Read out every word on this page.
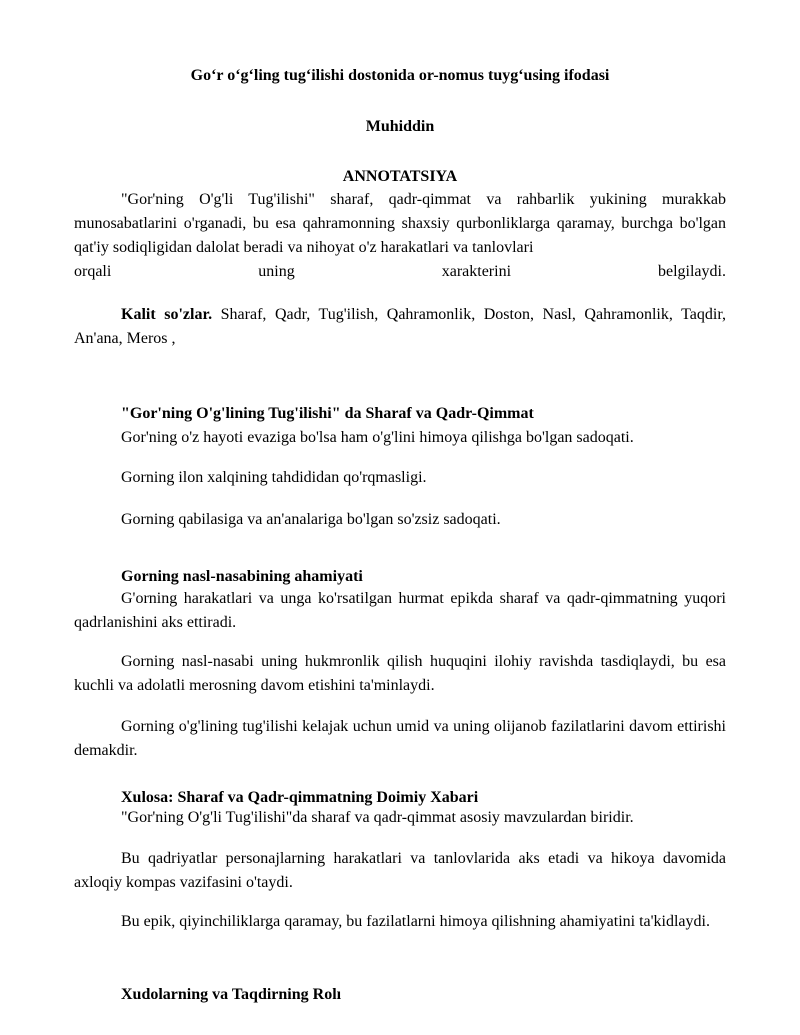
Go‘r o‘g‘ling tug‘ilishi dostonida or-nomus tuyg‘using ifodasi
Muhiddin
ANNOTATSIYA
"Gor'ning O'g'li Tug'ilishi" sharaf, qadr-qimmat va rahbarlik yukining murakkab munosabatlarini o'rganadi, bu esa qahramonning shaxsiy qurbonliklarga qaramay, burchga bo'lgan qat'iy sodiqligidan dalolat beradi va nihoyat o'z harakatlari va tanlovlari
orqali	uning	xarakterini	belgilaydi.
Kalit so'zlar. Sharaf, Qadr, Tug'ilish, Qahramonlik, Doston, Nasl, Qahramonlik, Taqdir, An'ana, Meros ,
"Gor'ning O'g'lining Tug'ilishi" da Sharaf va Qadr-Qimmat
Gor'ning o'z hayoti evaziga bo'lsa ham o'g'lini himoya qilishga bo'lgan sadoqati.
Gorning ilon xalqining tahdididan qo'rqmasligi.
Gorning qabilasiga va an'analariga bo'lgan so'zsiz sadoqati.
Gorning nasl-nasabining ahamiyati
G'orning harakatlari va unga ko'rsatilgan hurmat epikda sharaf va qadr-qimmatning yuqori qadrlanishini aks ettiradi.
Gorning nasl-nasabi uning hukmronlik qilish huquqini ilohiy ravishda tasdiqlaydi, bu esa kuchli va adolatli merosning davom etishini ta'minlaydi.
Gorning o'g'lining tug'ilishi kelajak uchun umid va uning olijanob fazilatlarini davom ettirishi demakdir.
Xulosa: Sharaf va Qadr-qimmatning Doimiy Xabari
"Gor'ning O'g'li Tug'ilishi"da sharaf va qadr-qimmat asosiy mavzulardan biridir.
Bu qadriyatlar personajlarning harakatlari va tanlovlarida aks etadi va hikoya davomida axloqiy kompas vazifasini o'taydi.
Bu epik, qiyinchiliklarga qaramay, bu fazilatlarni himoya qilishning ahamiyatini ta'kidlaydi.
Xudolarning va Taqdirning Rolı
